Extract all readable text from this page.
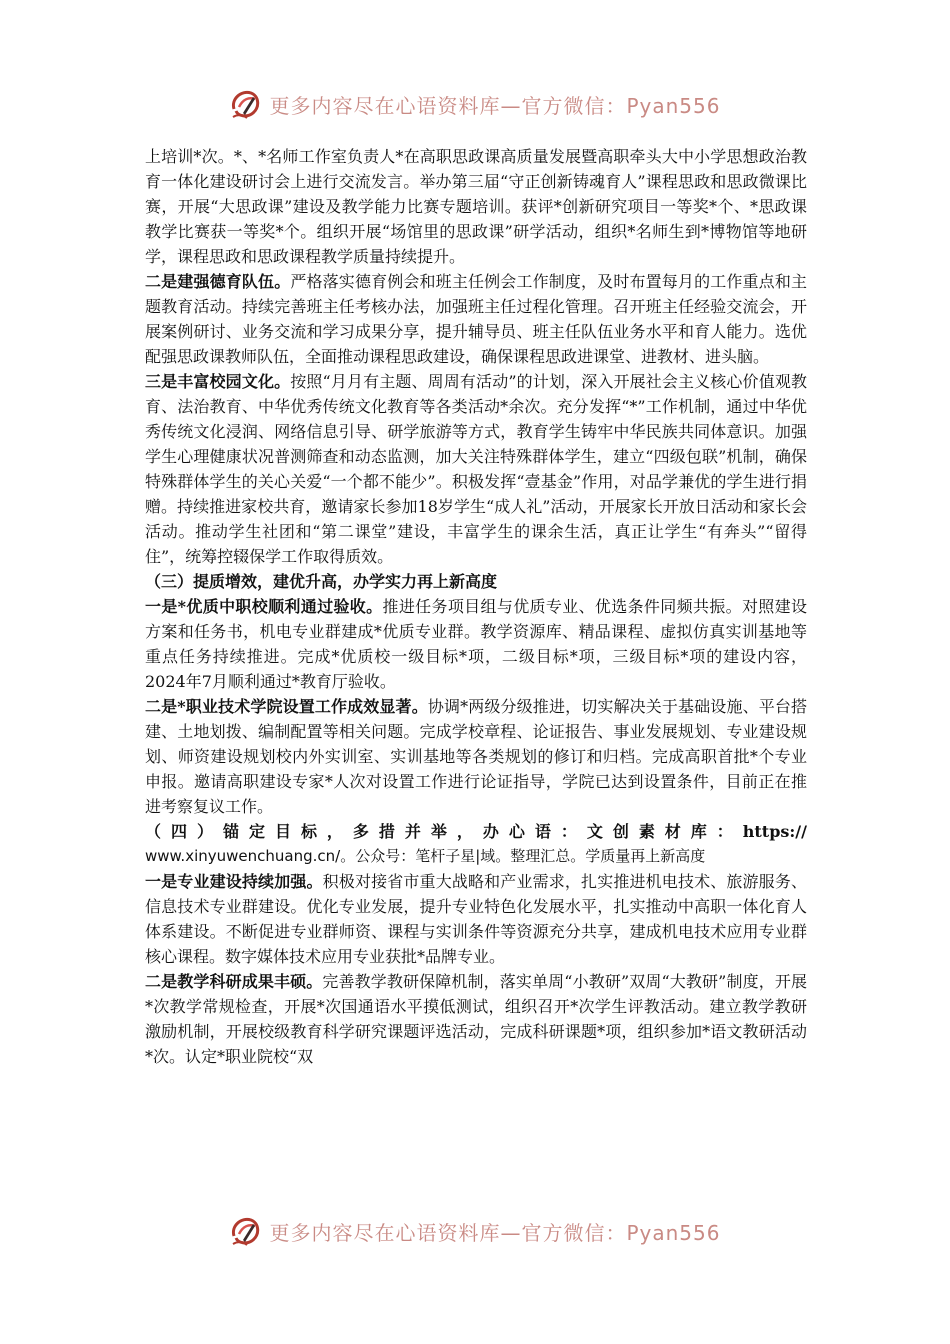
更多内容尽在心语资料库—官方微信：Pyan556

上培训*次。*、*名师工作室负责人*在高职思政课高质量发展暨高职牵头大中小学思想政治教育一体化建设研讨会上进行交流发言。举办第三届“守正创新铸魂育人”课程思政和思政微课比赛，开展“大思政课”建设及教学能力比赛专题培训。获评*创新研究项目一等奖*个、*思政课教学比赛获一等奖*个。组织开展“场馆里的思政课”研学活动，组织*名师生到*博物馆等地研学，课程思政和思政课程教学质量持续提升。

二是建强德育队伍。严格落实德育例会和班主任例会工作制度，及时布置每月的工作重点和主题教育活动。持续完善班主任考核办法，加强班主任过程化管理。召开班主任经验交流会，开展案例研讨、业务交流和学习成果分享，提升辅导员、班主任队伍业务水平和育人能力。选优配强思政课教师队伍，全面推动课程思政建设，确保课程思政进课堂、进教材、进头脑。

三是丰富校园文化。按照“月月有主题、周周有活动”的计划，深入开展社会主义核心价值观教育、法治教育、中华优秀传统文化教育等各类活动*余次。充分发挥“*”工作机制，通过中华优秀传统文化浸润、网络信息引导、研学旅游等方式，教育学生铸牢中华民族共同体意识。加强学生心理健康状况普测筛查和动态监测，加大关注特殊群体学生，建立“四级包联”机制，确保特殊群体学生的关心关爱“一个都不能少”。积极发挥“壹基金”作用，对品学兼优的学生进行捐赠。持续推进家校共育，邀请家长参加18岁学生“成人礼”活动，开展家长开放日活动和家长会活动。推动学生社团和“第二课堂”建设，丰富学生的课余生活，真正让学生“有奔头”“留得住”，统筹控辍保学工作取得质效。

（三）提质增效，建优升高，办学实力再上新高度

一是*优质中职校顺利通过验收。推进任务项目组与优质专业、优选条件同频共振。对照建设方案和任务书，机电专业群建成*优质专业群。教学资源库、精品课程、虚拟仿真实训基地等重点任务持续推进。完成*优质校一级目标*项，二级目标*项，三级目标*项的建设内容，2024年7月顺利通过*教育厅验收。

二是*职业技术学院设置工作成效显著。协调*两级分级推进，切实解决关于基础设施、平台搭建、土地划拨、编制配置等相关问题。完成学校章程、论证报告、事业发展规划、专业建设规划、师资建设规划校内外实训室、实训基地等各类规划的修订和归档。完成高职首批*个专业申报。邀请高职建设专家*人次对设置工作进行论证指导，学院已达到设置条件，目前正在推进考察复议工作。

（四）锚定目标，多措并举，办心语：文创素材库：https://

www.xinyuwenchuang.cn/。公众号：笔杆子星|域。整理汇总。学质量再上新高度

一是专业建设持续加强。积极对接省市重大战略和产业需求，扎实推进机电技术、旅游服务、信息技术专业群建设。优化专业发展，提升专业特色化发展水平，扎实推动中高职一体化育人体系建设。不断促进专业群师资、课程与实训条件等资源充分共享，建成机电技术应用专业群核心课程。数字媒体技术应用专业获批*品牌专业。

二是教学科研成果丰硕。完善教学教研保障机制，落实单周“小教研”双周“大教研”制度，开展*次教学常规检查，开展*次国通语水平摸低测试，组织召开*次学生评教活动。建立教学教研激励机制，开展校级教育科学研究课题评选活动，完成科研课题*项，组织参加*语文教研活动*次。认定*职业院校“双

更多内容尽在心语资料库—官方微信：Pyan556
